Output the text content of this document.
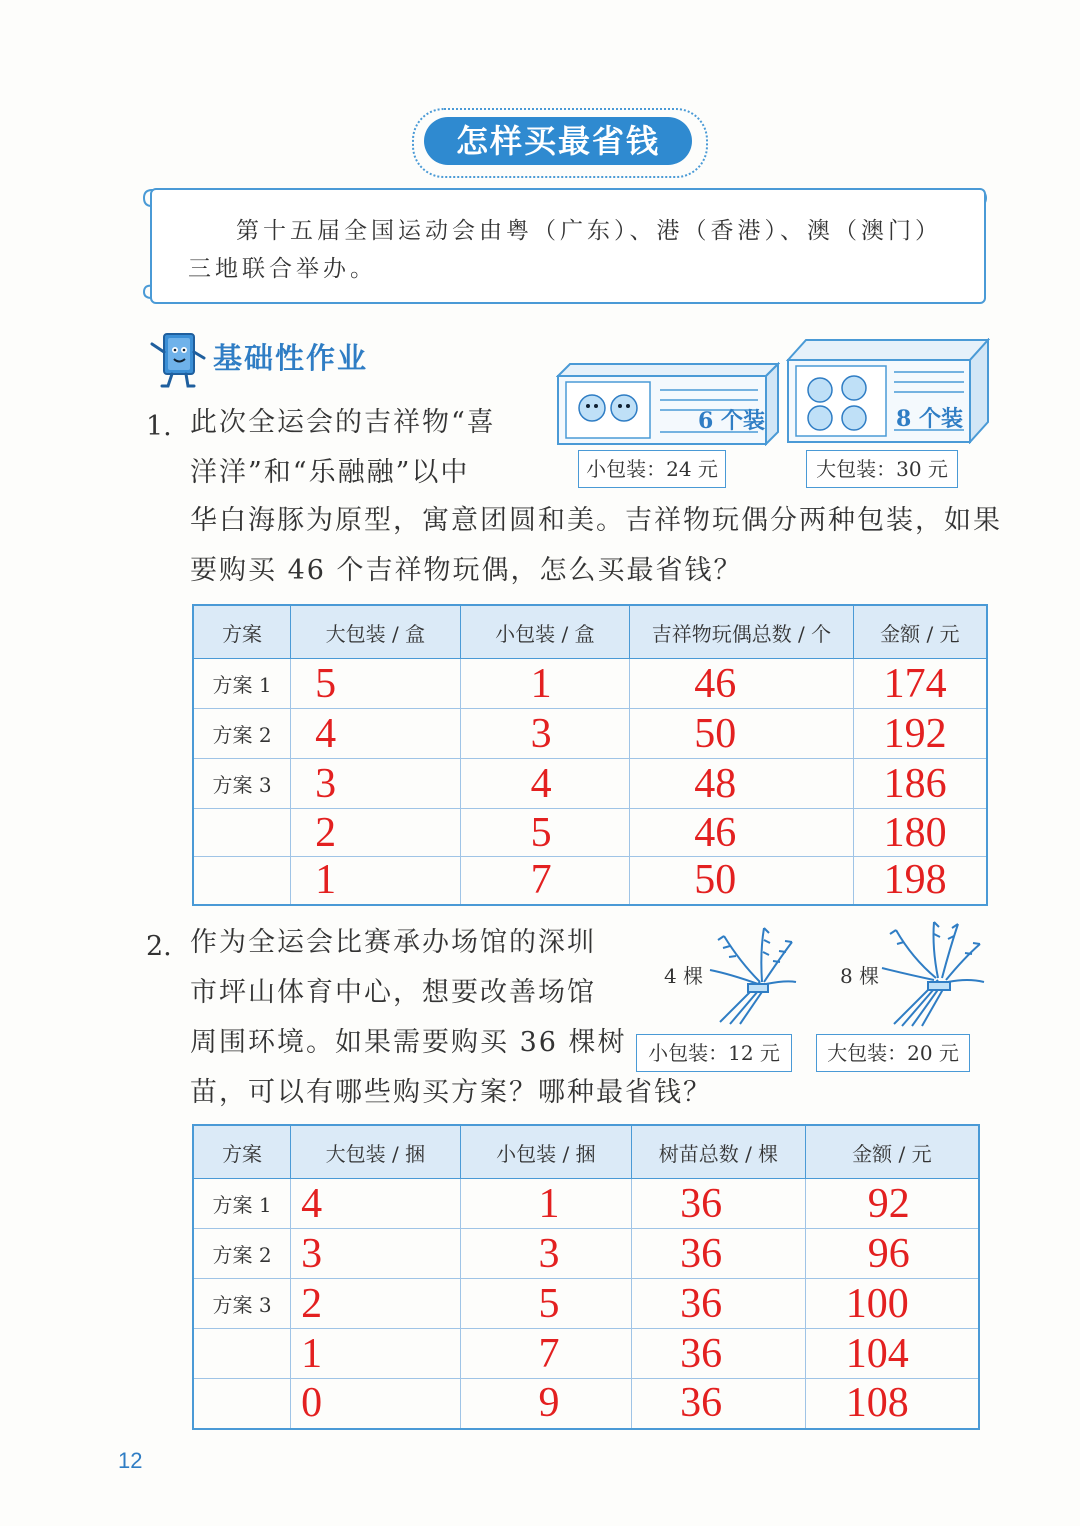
怎样买最省钱
第十五届全国运动会由粤（广东）、港（香港）、澳（澳门）三地联合举办。
基础性作业
1. 此次全运会的吉祥物“喜
洋洋”和“乐融融”以中
华白海豚为原型，寓意团圆和美。吉祥物玩偶分两种包装，如果
要购买 46 个吉祥物玩偶，怎么买最省钱？
6 个装
小包装：24 元
8 个装
大包装：30 元
方案	大包装 / 盒	小包装 / 盒	吉祥物玩偶总数 / 个	金额 / 元
方案 1	5	1	46	174
方案 2	4	3	50	192
方案 3	3	4	48	186
	2	5	46	180
	1	7	50	198
2. 作为全运会比赛承办场馆的深圳
市坪山体育中心，想要改善场馆
周围环境。如果需要购买 36 棵树
苗，可以有哪些购买方案？哪种最省钱？
4 棵	8 棵
小包装：12 元	大包装：20 元
方案	大包装 / 捆	小包装 / 捆	树苗总数 / 棵	金额 / 元
方案 1	4	1	36	92
方案 2	3	3	36	96
方案 3	2	5	36	100
	1	7	36	104
	0	9	36	108
12
